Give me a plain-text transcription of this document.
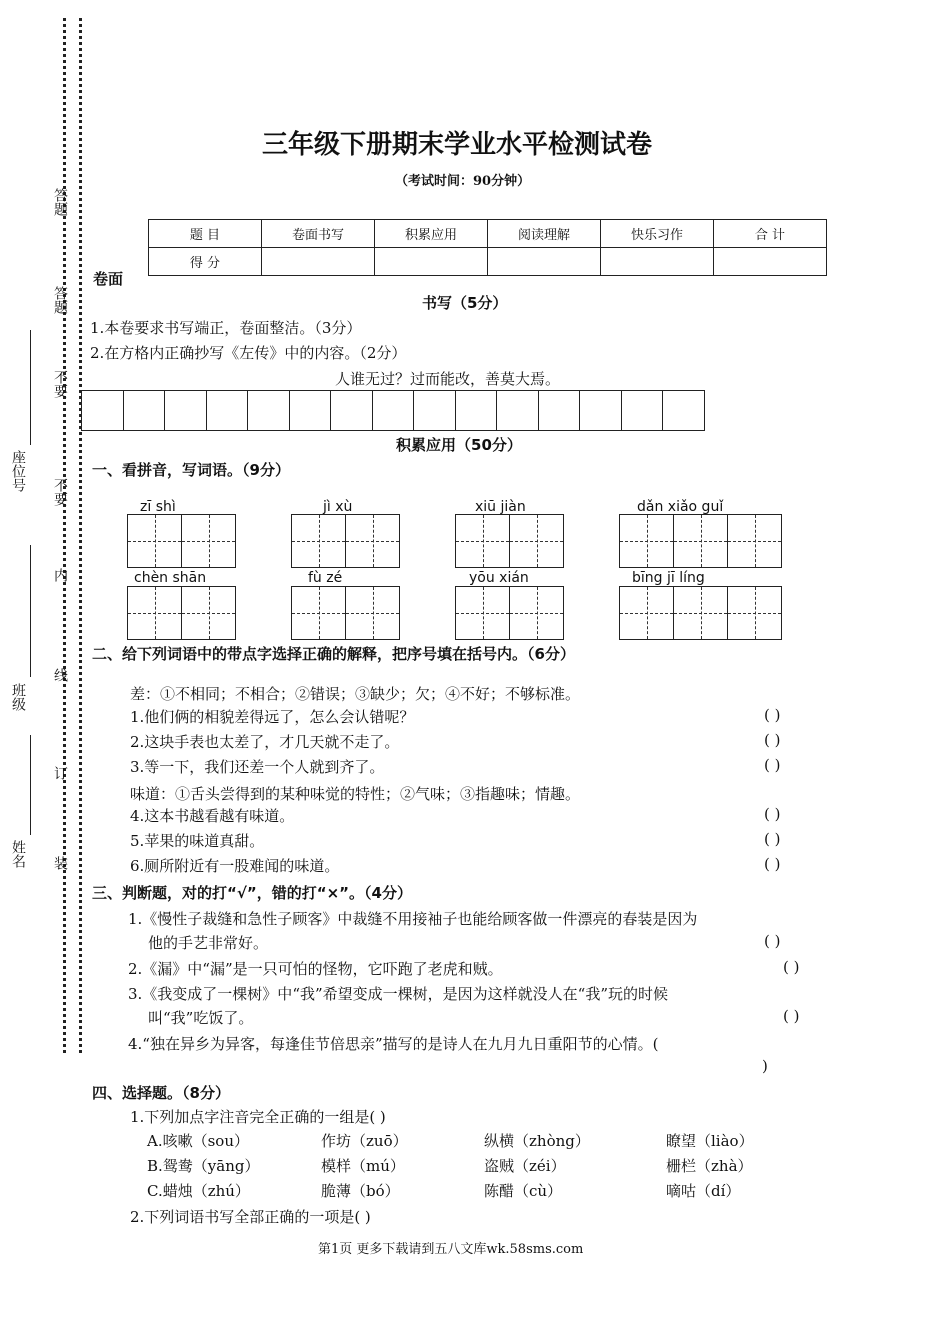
答题
答题
不要
不要
内
线
订
装
座位号
班级
姓名
三年级下册期末学业水平检测试卷
（考试时间：90分钟）
题 目	卷面书写	积累应用	阅读理解	快乐习作	合 计
得 分					
卷面
书写（5分）
1.本卷要求书写端正，卷面整洁。（3分）
2.在方格内正确抄写《左传》中的内容。（2分）
人谁无过？过而能改，善莫大焉。
积累应用（50分）
一、看拼音，写词语。（9分）
zī shì	jì xù	xiū jiàn	dǎn xiǎo guǐ
chèn shān	fù zé	yōu xián	bīng jī líng
二、给下列词语中的带点字选择正确的解释，把序号填在括号内。（6分）
差：①不相同；不相合；②错误；③缺少；欠；④不好；不够标准。
1.他们俩的相貌差得远了，怎么会认错呢？	( )
2.这块手表也太差了，才几天就不走了。	( )
3.等一下，我们还差一个人就到齐了。	( )
味道：①舌头尝得到的某种味觉的特性；②气味；③指趣味；情趣。
4.这本书越看越有味道。	( )
5.苹果的味道真甜。	( )
6.厕所附近有一股难闻的味道。	( )
三、判断题，对的打“√”，错的打“×”。（4分）
1.《慢性子裁缝和急性子顾客》中裁缝不用接袖子也能给顾客做一件漂亮的春装是因为
他的手艺非常好。	( )
2.《漏》中“漏”是一只可怕的怪物，它吓跑了老虎和贼。	( )
3.《我变成了一棵树》中“我”希望变成一棵树，是因为这样就没人在“我”玩的时候
叫“我”吃饭了。	( )
4.“独在异乡为异客，每逢佳节倍思亲”描写的是诗人在九月九日重阳节的心情。(
)
四、选择题。（8分）
1.下列加点字注音完全正确的一组是( )
A.咳嗽（sou）	作坊（zuō）	纵横（zhòng）	瞭望（liào）
B.鸳鸯（yāng）	模样（mú）	盗贼（zéi）	栅栏（zhà）
C.蜡烛（zhú）	脆薄（bó）	陈醋（cù）	嘀咕（dí）
2.下列词语书写全部正确的一项是( )
第1页 更多下载请到五八文库wk.58sms.com
